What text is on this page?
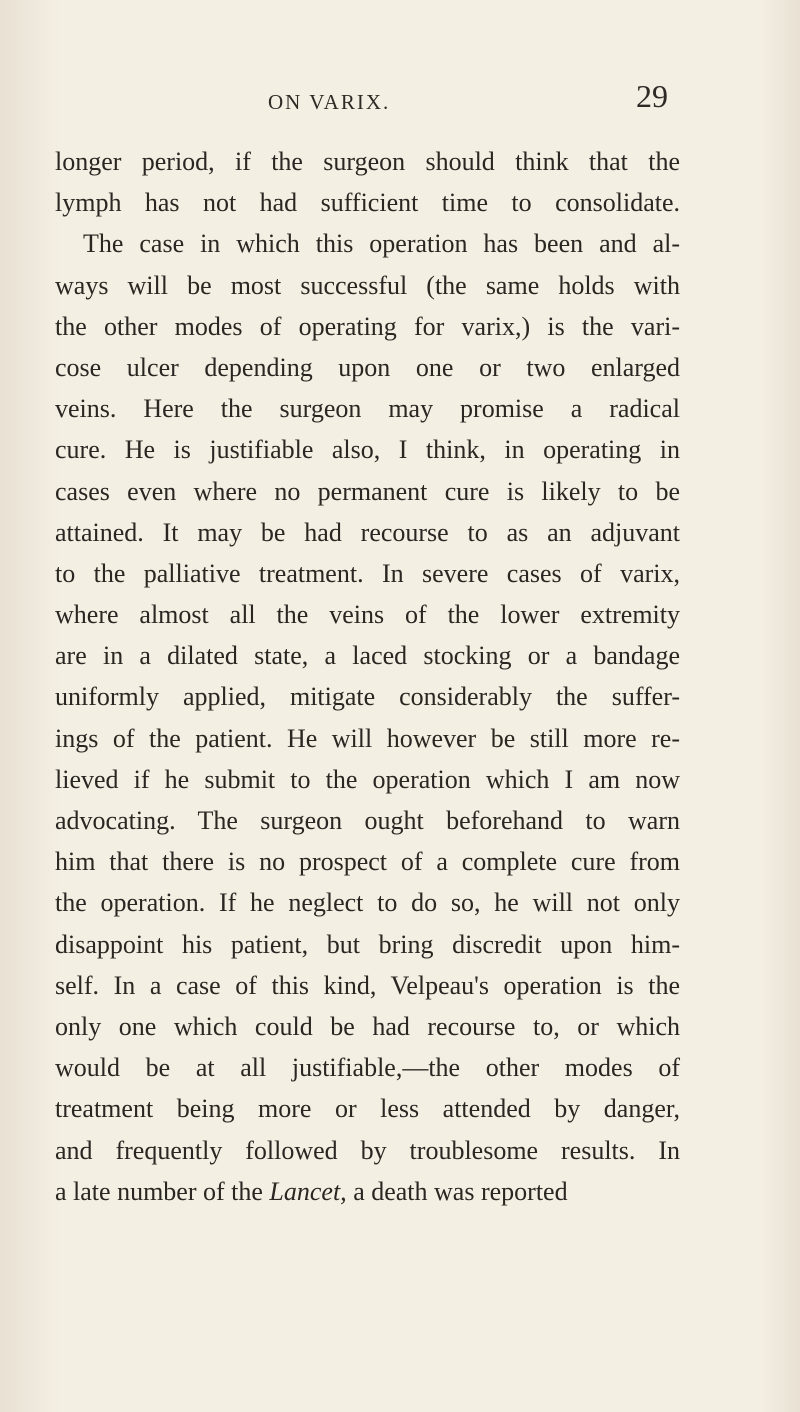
ON VARIX.	29
longer period, if the surgeon should think that the
lymph has not had sufficient time to consolidate.
The case in which this operation has been and al-
ways will be most successful (the same holds with
the other modes of operating for varix,) is the vari-
cose ulcer depending upon one or two enlarged
veins. Here the surgeon may promise a radical
cure. He is justifiable also, I think, in operating in
cases even where no permanent cure is likely to be
attained. It may be had recourse to as an adjuvant
to the palliative treatment. In severe cases of varix,
where almost all the veins of the lower extremity
are in a dilated state, a laced stocking or a bandage
uniformly applied, mitigate considerably the suffer-
ings of the patient. He will however be still more re-
lieved if he submit to the operation which I am now
advocating. The surgeon ought beforehand to warn
him that there is no prospect of a complete cure from
the operation. If he neglect to do so, he will not only
disappoint his patient, but bring discredit upon him-
self. In a case of this kind, Velpeau's operation is the
only one which could be had recourse to, or which
would be at all justifiable,—the other modes of
treatment being more or less attended by danger,
and frequently followed by troublesome results. In
a late number of the Lancet, a death was reported
